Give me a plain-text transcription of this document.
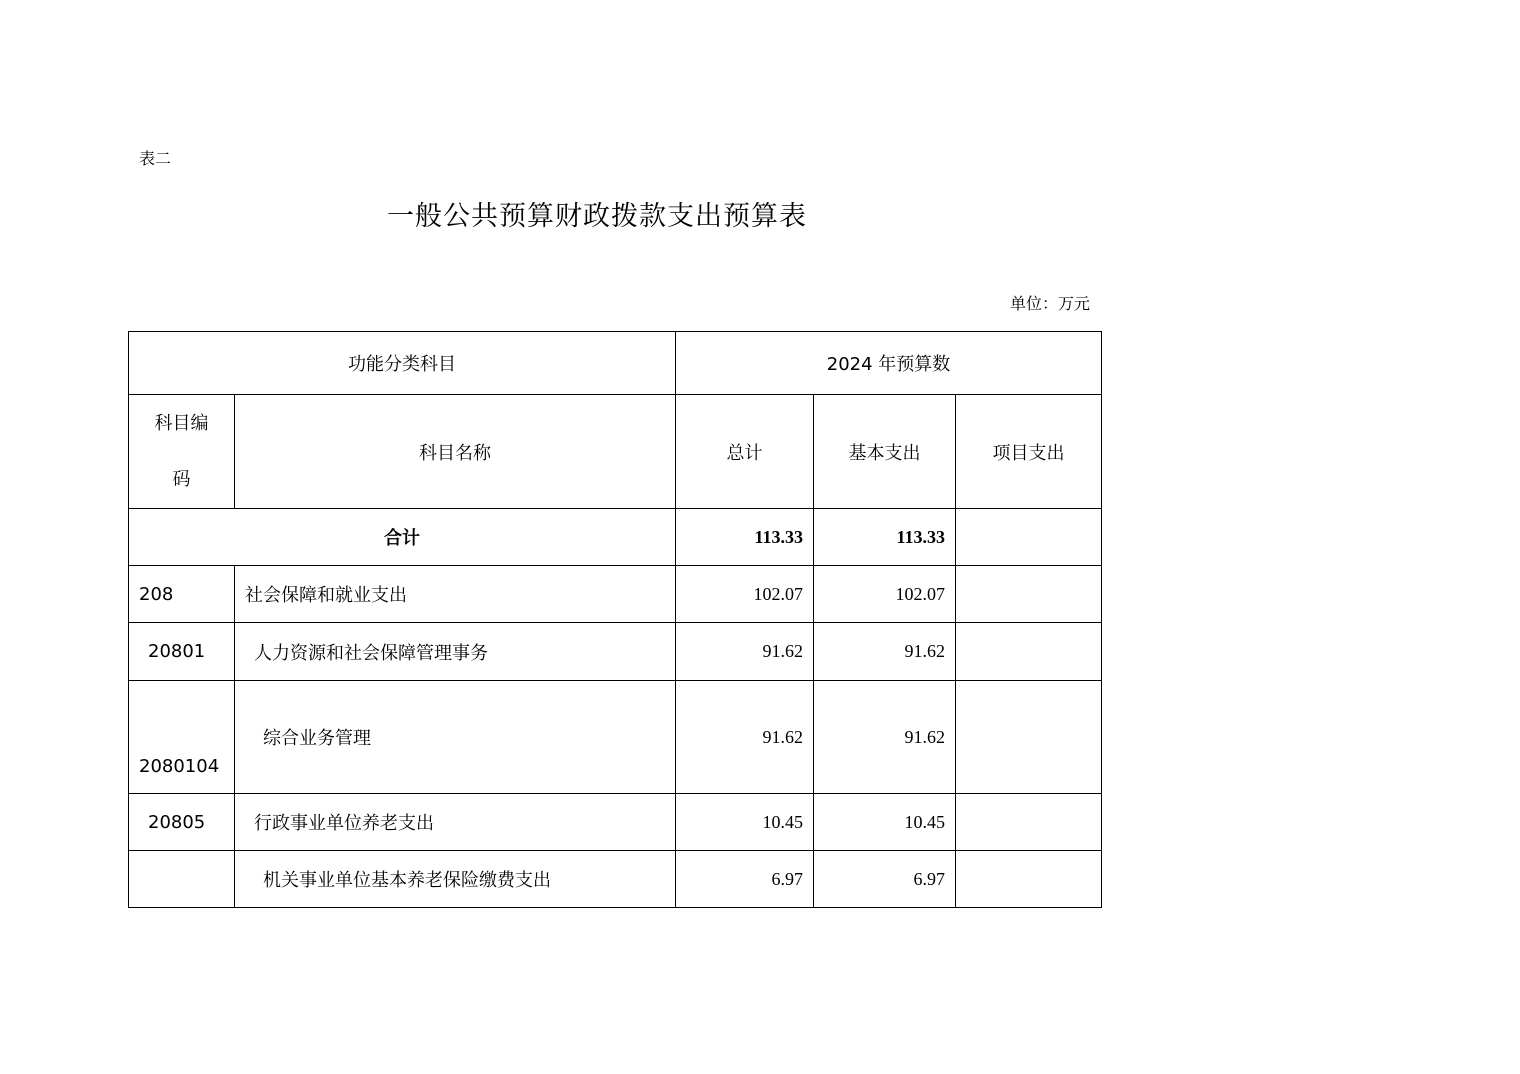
表二
一般公共预算财政拨款支出预算表
单位：万元
功能分类科目		2024 年预算数		

科目编
码	科目名称	总计	基本支出	项目支出
合计		113.33	113.33	
208	社会保障和就业支出	102.07	102.07	
20801	人力资源和社会保障管理事务	91.62	91.62	
2080104	综合业务管理	91.62	91.62	
20805	行政事业单位养老支出	10.45	10.45	
	机关事业单位基本养老保险缴费支出	6.97	6.97	
